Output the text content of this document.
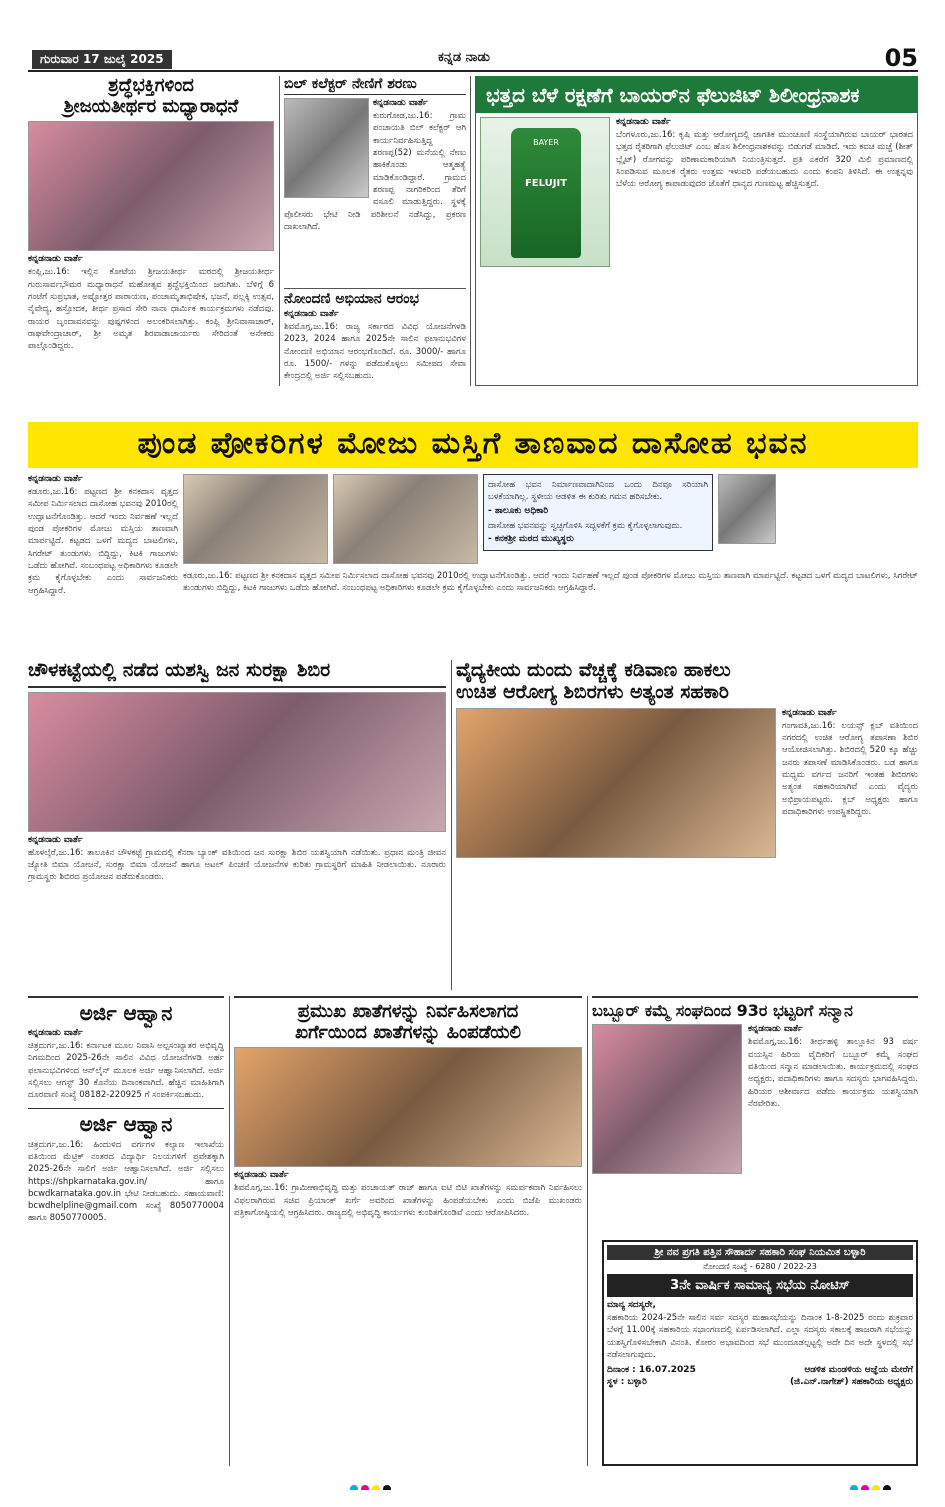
ಗುರುವಾರ 17 ಜುಲೈ 2025	ಕನ್ನಡ ನಾಡು	05
ಶ್ರದ್ಧೆಭಕ್ತಿಗಳಿಂದ
ಶ್ರೀಜಯತೀರ್ಥರ ಮಧ್ಯಾರಾಧನೆ
ಕನ್ನಡನಾಡು ವಾರ್ತೆ
ಕಂಪ್ಲಿ,ಜು.16: ಇಲ್ಲಿನ ಕೋಟೆಯ ಶ್ರೀಜಯತೀರ್ಥ ಮಠದಲ್ಲಿ ಶ್ರೀಜಯತೀರ್ಥ ಗುರುಸಾರ್ವಭೌಮರ ಮಧ್ಯಾರಾಧನೆ ಮಹೋತ್ಸವ ಶ್ರದ್ಧೆಭಕ್ತಿಯಿಂದ ಜರುಗಿತು. ಬೆಳಿಗ್ಗೆ 6 ಗಂಟೆಗೆ ಸುಪ್ರಭಾತ, ಅಷ್ಟೋತ್ತರ ಪಾರಾಯಣ, ಪಂಚಾಮೃತಾಭಿಷೇಕ, ಭಜನೆ, ಪಲ್ಲಕ್ಕಿ ಉತ್ಸವ, ನೈವೇದ್ಯ, ಹಸ್ತೋದಕ, ತೀರ್ಥ ಪ್ರಸಾದ ಸೇರಿ ನಾನಾ ಧಾರ್ಮಿಕ ಕಾರ್ಯಕ್ರಮಗಳು ನಡೆದವು. ರಾಯರ ಬೃಂದಾವನವನ್ನು ಪುಷ್ಪಗಳಿಂದ ಅಲಂಕರಿಸಲಾಗಿತ್ತು. ಕಂಪ್ಲಿ ಶ್ರೀನಿವಾಸಾಚಾರ್, ರಾಘವೇಂದ್ರಾಚಾರ್, ಶ್ರೀ ಅಮೃತ ಶಿರವಾಡಾಚಾರ್ಯರು ಸೇರಿದಂತೆ ಅನೇಕರು ಪಾಲ್ಗೊಂಡಿದ್ದರು.
ಬಿಲ್ ಕಲೆಕ್ಟರ್ ನೇಣಿಗೆ ಶರಣು
ಕನ್ನಡನಾಡು ವಾರ್ತೆ
ಕುರುಗೋಡ,ಜು.16: ಗ್ರಾಮ ಪಂಚಾಯತಿ ಬಿಲ್ ಕಲೆಕ್ಟರ್ ಆಗಿ ಕಾರ್ಯನಿರ್ವಹಿಸುತ್ತಿದ್ದ ಶರಣಪ್ಪ(52) ಮನೆಯಲ್ಲಿ ನೇಣು ಹಾಕಿಕೊಂಡು ಆತ್ಮಹತ್ಯೆ ಮಾಡಿಕೊಂಡಿದ್ದಾರೆ. ಗ್ರಾಮದ ಶರಣಪ್ಪ ನಾಗರಿಕರಿಂದ ತೆರಿಗೆ ವಸೂಲಿ ಮಾಡುತ್ತಿದ್ದರು. ಸ್ಥಳಕ್ಕೆ ಪೊಲೀಸರು ಭೇಟಿ ನೀಡಿ ಪರಿಶೀಲನೆ ನಡೆಸಿದ್ದು, ಪ್ರಕರಣ ದಾಖಲಾಗಿದೆ.
ನೋಂದಣಿ ಅಭಿಯಾನ ಆರಂಭ
ಕನ್ನಡನಾಡು ವಾರ್ತೆ
ಶಿವಮೊಗ್ಗ,ಜು.16: ರಾಜ್ಯ ಸರ್ಕಾರದ ವಿವಿಧ ಯೋಜನೆಗಳಡಿ 2023, 2024 ಹಾಗೂ 2025ನೇ ಸಾಲಿನ ಫಲಾನುಭವಿಗಳ ನೋಂದಣಿ ಅಭಿಯಾನ ಆರಂಭಗೊಂಡಿದೆ. ರೂ. 3000/- ಹಾಗೂ ರೂ. 1500/- ಗಳನ್ನು ಪಡೆದುಕೊಳ್ಳಲು ಸಮೀಪದ ಸೇವಾ ಕೇಂದ್ರದಲ್ಲಿ ಅರ್ಜಿ ಸಲ್ಲಿಸಬಹುದು.
ಭತ್ತದ ಬೆಳೆ ರಕ್ಷಣೆಗೆ ಬಾಯರ್‌ನ ಫೆಲುಜಿಟ್ ಶಿಲೀಂಧ್ರನಾಶಕ
FELUJIT
BAYER
ಕನ್ನಡನಾಡು ವಾರ್ತೆ
ಬೆಂಗಳೂರು,ಜು.16: ಕೃಷಿ ಮತ್ತು ಆರೋಗ್ಯದಲ್ಲಿ ಜಾಗತಿಕ ಮುಂಚೂಣಿ ಸಂಸ್ಥೆಯಾಗಿರುವ ಬಾಯರ್ ಭಾರತದ ಭತ್ತದ ರೈತರಿಗಾಗಿ ಫೆಲುಜಿಟ್ ಎಂಬ ಹೊಸ ಶಿಲೀಂಧ್ರನಾಶಕವನ್ನು ಬಿಡುಗಡೆ ಮಾಡಿದೆ. ಇದು ಕವಚ ಮಚ್ಚೆ (ಶೀತ್ ಬ್ಲೈಟ್) ರೋಗವನ್ನು ಪರಿಣಾಮಕಾರಿಯಾಗಿ ನಿಯಂತ್ರಿಸುತ್ತದೆ. ಪ್ರತಿ ಎಕರೆಗೆ 320 ಮಿಲಿ ಪ್ರಮಾಣದಲ್ಲಿ ಸಿಂಪಡಿಸುವ ಮೂಲಕ ರೈತರು ಉತ್ತಮ ಇಳುವರಿ ಪಡೆಯಬಹುದು ಎಂದು ಕಂಪನಿ ತಿಳಿಸಿದೆ. ಈ ಉತ್ಪನ್ನವು ಬೆಳೆಯ ಆರೋಗ್ಯ ಕಾಪಾಡುವುದರ ಜೊತೆಗೆ ಧಾನ್ಯದ ಗುಣಮಟ್ಟ ಹೆಚ್ಚಿಸುತ್ತದೆ.
ಪುಂಡ ಪೋಕರಿಗಳ ಮೋಜು ಮಸ್ತಿಗೆ ತಾಣವಾದ ದಾಸೋಹ ಭವನ
ಕನ್ನಡನಾಡು ವಾರ್ತೆ
ಕಡೂರು,ಜು.16: ಪಟ್ಟಣದ ಶ್ರೀ ಕನಕದಾಸ ವೃತ್ತದ ಸಮೀಪ ನಿರ್ಮಿಸಲಾದ ದಾಸೋಹ ಭವನವು 2010ರಲ್ಲಿ ಉದ್ಘಾಟನೆಗೊಂಡಿತ್ತು. ಆದರೆ ಇಂದು ನಿರ್ವಹಣೆ ಇಲ್ಲದೆ ಪುಂಡ ಪೋಕರಿಗಳ ಮೋಜು ಮಸ್ತಿಯ ತಾಣವಾಗಿ ಮಾರ್ಪಟ್ಟಿದೆ. ಕಟ್ಟಡದ ಒಳಗೆ ಮದ್ಯದ ಬಾಟಲಿಗಳು, ಸಿಗರೇಟ್ ತುಂಡುಗಳು ಬಿದ್ದಿದ್ದು, ಕಿಟಕಿ ಗಾಜುಗಳು ಒಡೆದು ಹೋಗಿವೆ. ಸಂಬಂಧಪಟ್ಟ ಅಧಿಕಾರಿಗಳು ಕೂಡಲೇ ಕ್ರಮ ಕೈಗೊಳ್ಳಬೇಕು ಎಂದು ಸಾರ್ವಜನಿಕರು ಆಗ್ರಹಿಸಿದ್ದಾರೆ.
ದಾಸೋಹ ಭವನ ನಿರ್ಮಾಣವಾದಾಗಿನಿಂದ ಒಂದು ದಿನವೂ ಸರಿಯಾಗಿ ಬಳಕೆಯಾಗಿಲ್ಲ. ಸ್ಥಳೀಯ ಆಡಳಿತ ಈ ಕುರಿತು ಗಮನ ಹರಿಸಬೇಕು.
- ತಾಲೂಕು ಅಧಿಕಾರಿ
ದಾಸೋಹ ಭವನವನ್ನು ಸ್ವಚ್ಛಗೊಳಿಸಿ ಸದ್ಬಳಕೆಗೆ ಕ್ರಮ ಕೈಗೊಳ್ಳಲಾಗುವುದು.
- ಕನಕಶ್ರೀ ಮಠದ ಮುಖ್ಯಸ್ಥರು
ಕಡೂರು,ಜು.16: ಪಟ್ಟಣದ ಶ್ರೀ ಕನಕದಾಸ ವೃತ್ತದ ಸಮೀಪ ನಿರ್ಮಿಸಲಾದ ದಾಸೋಹ ಭವನವು 2010ರಲ್ಲಿ ಉದ್ಘಾಟನೆಗೊಂಡಿತ್ತು. ಆದರೆ ಇಂದು ನಿರ್ವಹಣೆ ಇಲ್ಲದೆ ಪುಂಡ ಪೋಕರಿಗಳ ಮೋಜು ಮಸ್ತಿಯ ತಾಣವಾಗಿ ಮಾರ್ಪಟ್ಟಿದೆ. ಕಟ್ಟಡದ ಒಳಗೆ ಮದ್ಯದ ಬಾಟಲಿಗಳು, ಸಿಗರೇಟ್ ತುಂಡುಗಳು ಬಿದ್ದಿದ್ದು, ಕಿಟಕಿ ಗಾಜುಗಳು ಒಡೆದು ಹೋಗಿವೆ. ಸಂಬಂಧಪಟ್ಟ ಅಧಿಕಾರಿಗಳು ಕೂಡಲೇ ಕ್ರಮ ಕೈಗೊಳ್ಳಬೇಕು ಎಂದು ಸಾರ್ವಜನಿಕರು ಆಗ್ರಹಿಸಿದ್ದಾರೆ.
ಚೌಳಕಟ್ಟೆಯಲ್ಲಿ ನಡೆದ ಯಶಸ್ವಿ ಜನ ಸುರಕ್ಷಾ ಶಿಬಿರ
ಕನ್ನಡನಾಡು ವಾರ್ತೆ
ಹೊಳಲ್ಕೆರೆ,ಜು.16: ತಾಲೂಕಿನ ಚೌಳಕಟ್ಟೆ ಗ್ರಾಮದಲ್ಲಿ ಕೆನರಾ ಬ್ಯಾಂಕ್ ವತಿಯಿಂದ ಜನ ಸುರಕ್ಷಾ ಶಿಬಿರ ಯಶಸ್ವಿಯಾಗಿ ನಡೆಯಿತು. ಪ್ರಧಾನ ಮಂತ್ರಿ ಜೀವನ ಜ್ಯೋತಿ ಬಿಮಾ ಯೋಜನೆ, ಸುರಕ್ಷಾ ಬಿಮಾ ಯೋಜನೆ ಹಾಗೂ ಅಟಲ್ ಪಿಂಚಣಿ ಯೋಜನೆಗಳ ಕುರಿತು ಗ್ರಾಮಸ್ಥರಿಗೆ ಮಾಹಿತಿ ನೀಡಲಾಯಿತು. ನೂರಾರು ಗ್ರಾಮಸ್ಥರು ಶಿಬಿರದ ಪ್ರಯೋಜನ ಪಡೆದುಕೊಂಡರು.
ವೈದ್ಯಕೀಯ ದುಂದು ವೆಚ್ಚಕ್ಕೆ ಕಡಿವಾಣ ಹಾಕಲು
ಉಚಿತ ಆರೋಗ್ಯ ಶಿಬಿರಗಳು ಅತ್ಯಂತ ಸಹಕಾರಿ
ಕನ್ನಡನಾಡು ವಾರ್ತೆ
ಗಂಗಾವತಿ,ಜು.16: ಲಯನ್ಸ್ ಕ್ಲಬ್ ವತಿಯಿಂದ ನಗರದಲ್ಲಿ ಉಚಿತ ಆರೋಗ್ಯ ತಪಾಸಣಾ ಶಿಬಿರ ಆಯೋಜಿಸಲಾಗಿತ್ತು. ಶಿಬಿರದಲ್ಲಿ 520 ಕ್ಕೂ ಹೆಚ್ಚು ಜನರು ತಪಾಸಣೆ ಮಾಡಿಸಿಕೊಂಡರು. ಬಡ ಹಾಗೂ ಮಧ್ಯಮ ವರ್ಗದ ಜನರಿಗೆ ಇಂತಹ ಶಿಬಿರಗಳು ಅತ್ಯಂತ ಸಹಕಾರಿಯಾಗಿವೆ ಎಂದು ವೈದ್ಯರು ಅಭಿಪ್ರಾಯಪಟ್ಟರು. ಕ್ಲಬ್ ಅಧ್ಯಕ್ಷರು ಹಾಗೂ ಪದಾಧಿಕಾರಿಗಳು ಉಪಸ್ಥಿತರಿದ್ದರು.
ಅರ್ಜಿ ಆಹ್ವಾನ
ಕನ್ನಡನಾಡು ವಾರ್ತೆ
ಚಿತ್ರದುರ್ಗ,ಜು.16: ಕರ್ನಾಟಕ ಮೂಲ ನಿವಾಸಿ ಅಲ್ಪಸಂಖ್ಯಾತರ ಅಭಿವೃದ್ಧಿ ನಿಗಮದಿಂದ 2025-26ನೇ ಸಾಲಿನ ವಿವಿಧ ಯೋಜನೆಗಳಡಿ ಅರ್ಹ ಫಲಾನುಭವಿಗಳಿಂದ ಆನ್‌ಲೈನ್ ಮೂಲಕ ಅರ್ಜಿ ಆಹ್ವಾನಿಸಲಾಗಿದೆ. ಅರ್ಜಿ ಸಲ್ಲಿಸಲು ಆಗಸ್ಟ್ 30 ಕೊನೆಯ ದಿನಾಂಕವಾಗಿದೆ. ಹೆಚ್ಚಿನ ಮಾಹಿತಿಗಾಗಿ ದೂರವಾಣಿ ಸಂಖ್ಯೆ 08182-220925 ಗೆ ಸಂಪರ್ಕಿಸಬಹುದು.
ಅರ್ಜಿ ಆಹ್ವಾನ
ಚಿತ್ರದುರ್ಗ,ಜು.16: ಹಿಂದುಳಿದ ವರ್ಗಗಳ ಕಲ್ಯಾಣ ಇಲಾಖೆಯ ವತಿಯಿಂದ ಮೆಟ್ರಿಕ್ ನಂತರದ ವಿದ್ಯಾರ್ಥಿ ನಿಲಯಗಳಿಗೆ ಪ್ರವೇಶಕ್ಕಾಗಿ 2025-26ನೇ ಸಾಲಿಗೆ ಅರ್ಜಿ ಆಹ್ವಾನಿಸಲಾಗಿದೆ. ಅರ್ಜಿ ಸಲ್ಲಿಸಲು https://shpkarnataka.gov.in/ ಹಾಗೂ bcwdkarnataka.gov.in ಭೇಟಿ ನೀಡಬಹುದು. ಸಹಾಯವಾಣಿ: bcwdhelpline@gmail.com ಸಂಖ್ಯೆ 8050770004 ಹಾಗೂ 8050770005.
ಪ್ರಮುಖ ಖಾತೆಗಳನ್ನು ನಿರ್ವಹಿಸಲಾಗದ
ಖರ್ಗೆಯಿಂದ ಖಾತೆಗಳನ್ನು ಹಿಂಪಡೆಯಲಿ
ಕನ್ನಡನಾಡು ವಾರ್ತೆ
ಶಿವಮೊಗ್ಗ,ಜು.16: ಗ್ರಾಮೀಣಾಭಿವೃದ್ಧಿ ಮತ್ತು ಪಂಚಾಯತ್ ರಾಜ್ ಹಾಗೂ ಐಟಿ ಬಿಟಿ ಖಾತೆಗಳನ್ನು ಸಮರ್ಪಕವಾಗಿ ನಿರ್ವಹಿಸಲು ವಿಫಲರಾಗಿರುವ ಸಚಿವ ಪ್ರಿಯಾಂಕ್ ಖರ್ಗೆ ಅವರಿಂದ ಖಾತೆಗಳನ್ನು ಹಿಂಪಡೆಯಬೇಕು ಎಂದು ಬಿಜೆಪಿ ಮುಖಂಡರು ಪತ್ರಿಕಾಗೋಷ್ಠಿಯಲ್ಲಿ ಆಗ್ರಹಿಸಿದರು. ರಾಜ್ಯದಲ್ಲಿ ಅಭಿವೃದ್ಧಿ ಕಾರ್ಯಗಳು ಕುಂಠಿತಗೊಂಡಿವೆ ಎಂದು ಆರೋಪಿಸಿದರು.
ಬಬ್ಬೂರ್ ಕಮ್ಮೆ ಸಂಘದಿಂದ 93ರ ಭಟ್ಟರಿಗೆ ಸನ್ಮಾನ
ಕನ್ನಡನಾಡು ವಾರ್ತೆ
ಶಿವಮೊಗ್ಗ,ಜು.16: ತೀರ್ಥಹಳ್ಳಿ ತಾಲ್ಲೂಕಿನ 93 ವರ್ಷ ವಯಸ್ಸಿನ ಹಿರಿಯ ವೈದಿಕರಿಗೆ ಬಬ್ಬೂರ್ ಕಮ್ಮೆ ಸಂಘದ ವತಿಯಿಂದ ಸನ್ಮಾನ ಮಾಡಲಾಯಿತು. ಕಾರ್ಯಕ್ರಮದಲ್ಲಿ ಸಂಘದ ಅಧ್ಯಕ್ಷರು, ಪದಾಧಿಕಾರಿಗಳು ಹಾಗೂ ಸದಸ್ಯರು ಭಾಗವಹಿಸಿದ್ದರು. ಹಿರಿಯರ ಆಶೀರ್ವಾದ ಪಡೆದು ಕಾರ್ಯಕ್ರಮ ಯಶಸ್ವಿಯಾಗಿ ನೆರವೇರಿತು.
ಶ್ರೀ ನವ ಪ್ರಗತಿ ಪತ್ತಿನ ಸೌಹಾರ್ದ ಸಹಕಾರಿ ಸಂಘ ನಿಯಮಿತ ಬಳ್ಳಾರಿ
ನೋಂದಣಿ ಸಂಖ್ಯೆ - 6280 / 2022-23
3ನೇ ವಾರ್ಷಿಕ ಸಾಮಾನ್ಯ ಸಭೆಯ ನೋಟಿಸ್
ಮಾನ್ಯ ಸದಸ್ಯರೇ,
ಸಹಕಾರಿಯ 2024-25ನೇ ಸಾಲಿನ ಸರ್ವ ಸದಸ್ಯರ ಮಹಾಸಭೆಯನ್ನು ದಿನಾಂಕ 1-8-2025 ರಂದು ಶುಕ್ರವಾರ ಬೆಳಗ್ಗೆ 11.00ಕ್ಕೆ ಸಹಕಾರಿಯ ಸಭಾಂಗಣದಲ್ಲಿ ಏರ್ಪಡಿಸಲಾಗಿದೆ. ಎಲ್ಲಾ ಸದಸ್ಯರು ಸಕಾಲಕ್ಕೆ ಹಾಜರಾಗಿ ಸಭೆಯನ್ನು ಯಶಸ್ವಿಗೊಳಿಸಬೇಕಾಗಿ ವಿನಂತಿ. ಕೋರಂ ಅಭಾವದಿಂದ ಸಭೆ ಮುಂದೂಡಲ್ಪಟ್ಟಲ್ಲಿ ಅದೇ ದಿನ ಅದೇ ಸ್ಥಳದಲ್ಲಿ ಸಭೆ ನಡೆಸಲಾಗುವುದು.
ದಿನಾಂಕ : 16.07.2025
ಸ್ಥಳ : ಬಳ್ಳಾರಿ
ಆಡಳಿತ ಮಂಡಳಿಯ ಆಜ್ಞೆಯ ಮೇರೆಗೆ
(ಜಿ.ಎನ್.ನಾಗೇಶ್) ಸಹಕಾರಿಯ ಅಧ್ಯಕ್ಷರು
